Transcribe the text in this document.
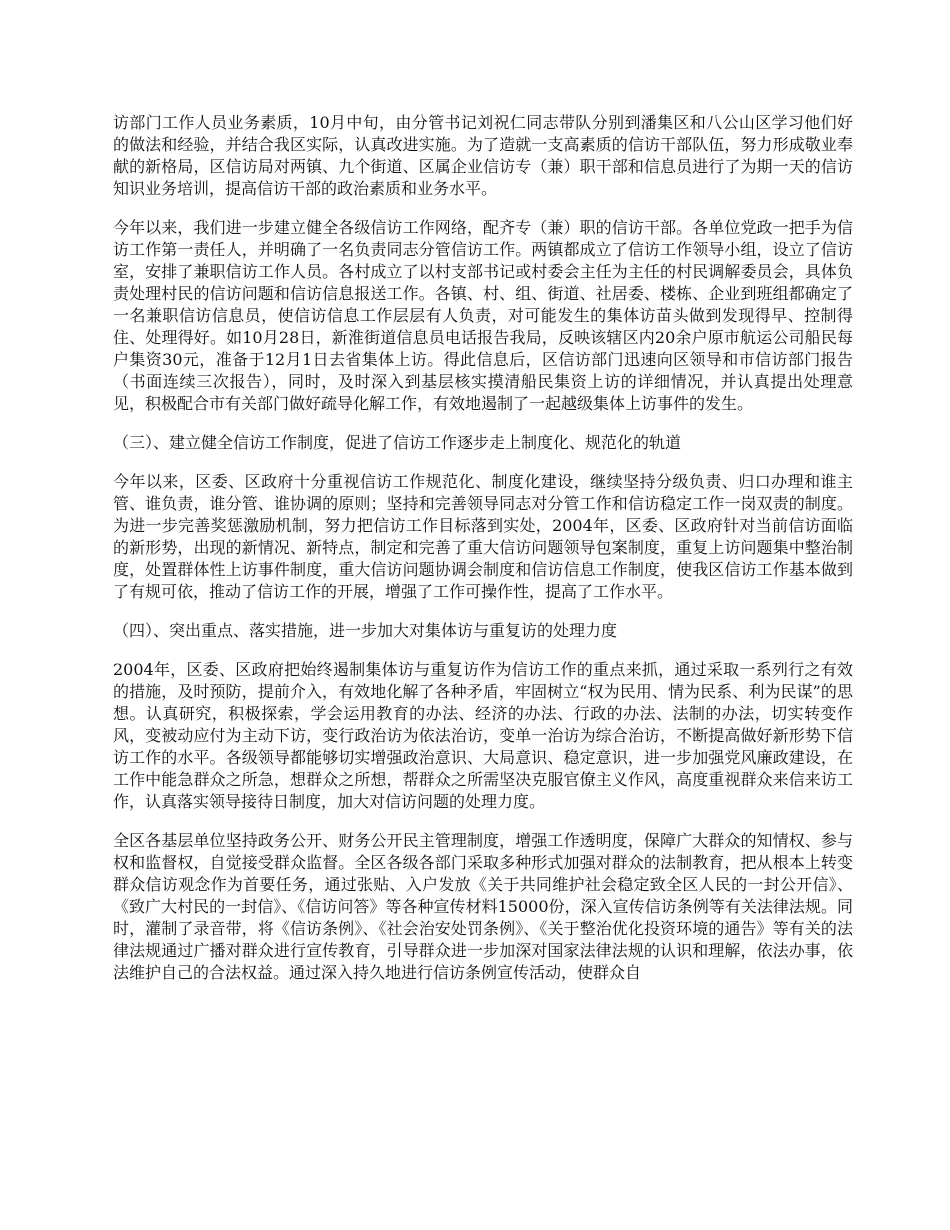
访部门工作人员业务素质，10月中旬，由分管书记刘祝仁同志带队分别到潘集区和八公山区学习他们好的做法和经验，并结合我区实际，认真改进实施。为了造就一支高素质的信访干部队伍，努力形成敬业奉献的新格局，区信访局对两镇、九个街道、区属企业信访专（兼）职干部和信息员进行了为期一天的信访知识业务培训，提高信访干部的政治素质和业务水平。

今年以来，我们进一步建立健全各级信访工作网络，配齐专（兼）职的信访干部。各单位党政一把手为信访工作第一责任人，并明确了一名负责同志分管信访工作。两镇都成立了信访工作领导小组，设立了信访室，安排了兼职信访工作人员。各村成立了以村支部书记或村委会主任为主任的村民调解委员会，具体负责处理村民的信访问题和信访信息报送工作。各镇、村、组、街道、社居委、楼栋、企业到班组都确定了一名兼职信访信息员，使信访信息工作层层有人负责，对可能发生的集体访苗头做到发现得早、控制得住、处理得好。如10月28日，新淮街道信息员电话报告我局，反映该辖区内20余户原市航运公司船民每户集资30元，准备于12月1日去省集体上访。得此信息后，区信访部门迅速向区领导和市信访部门报告（书面连续三次报告），同时，及时深入到基层核实摸清船民集资上访的详细情况，并认真提出处理意见，积极配合市有关部门做好疏导化解工作，有效地遏制了一起越级集体上访事件的发生。

（三）、建立健全信访工作制度，促进了信访工作逐步走上制度化、规范化的轨道

今年以来，区委、区政府十分重视信访工作规范化、制度化建设，继续坚持分级负责、归口办理和谁主管、谁负责，谁分管、谁协调的原则；坚持和完善领导同志对分管工作和信访稳定工作一岗双责的制度。为进一步完善奖惩激励机制，努力把信访工作目标落到实处，2004年，区委、区政府针对当前信访面临的新形势，出现的新情况、新特点，制定和完善了重大信访问题领导包案制度，重复上访问题集中整治制度，处置群体性上访事件制度，重大信访问题协调会制度和信访信息工作制度，使我区信访工作基本做到了有规可依，推动了信访工作的开展，增强了工作可操作性，提高了工作水平。

（四）、突出重点、落实措施，进一步加大对集体访与重复访的处理力度

2004年，区委、区政府把始终遏制集体访与重复访作为信访工作的重点来抓，通过采取一系列行之有效的措施，及时预防，提前介入，有效地化解了各种矛盾，牢固树立“权为民用、情为民系、利为民谋”的思想。认真研究，积极探索，学会运用教育的办法、经济的办法、行政的办法、法制的办法，切实转变作风，变被动应付为主动下访，变行政治访为依法治访，变单一治访为综合治访，不断提高做好新形势下信访工作的水平。各级领导都能够切实增强政治意识、大局意识、稳定意识，进一步加强党风廉政建设，在工作中能急群众之所急，想群众之所想，帮群众之所需坚决克服官僚主义作风，高度重视群众来信来访工作，认真落实领导接待日制度，加大对信访问题的处理力度。

全区各基层单位坚持政务公开、财务公开民主管理制度，增强工作透明度，保障广大群众的知情权、参与权和监督权，自觉接受群众监督。全区各级各部门采取多种形式加强对群众的法制教育，把从根本上转变群众信访观念作为首要任务，通过张贴、入户发放《关于共同维护社会稳定致全区人民的一封公开信》、《致广大村民的一封信》、《信访问答》等各种宣传材料15000份，深入宣传信访条例等有关法律法规。同时，灌制了录音带，将《信访条例》、《社会治安处罚条例》、《关于整治优化投资环境的通告》等有关的法律法规通过广播对群众进行宣传教育，引导群众进一步加深对国家法律法规的认识和理解，依法办事，依法维护自己的合法权益。通过深入持久地进行信访条例宣传活动，使群众自
